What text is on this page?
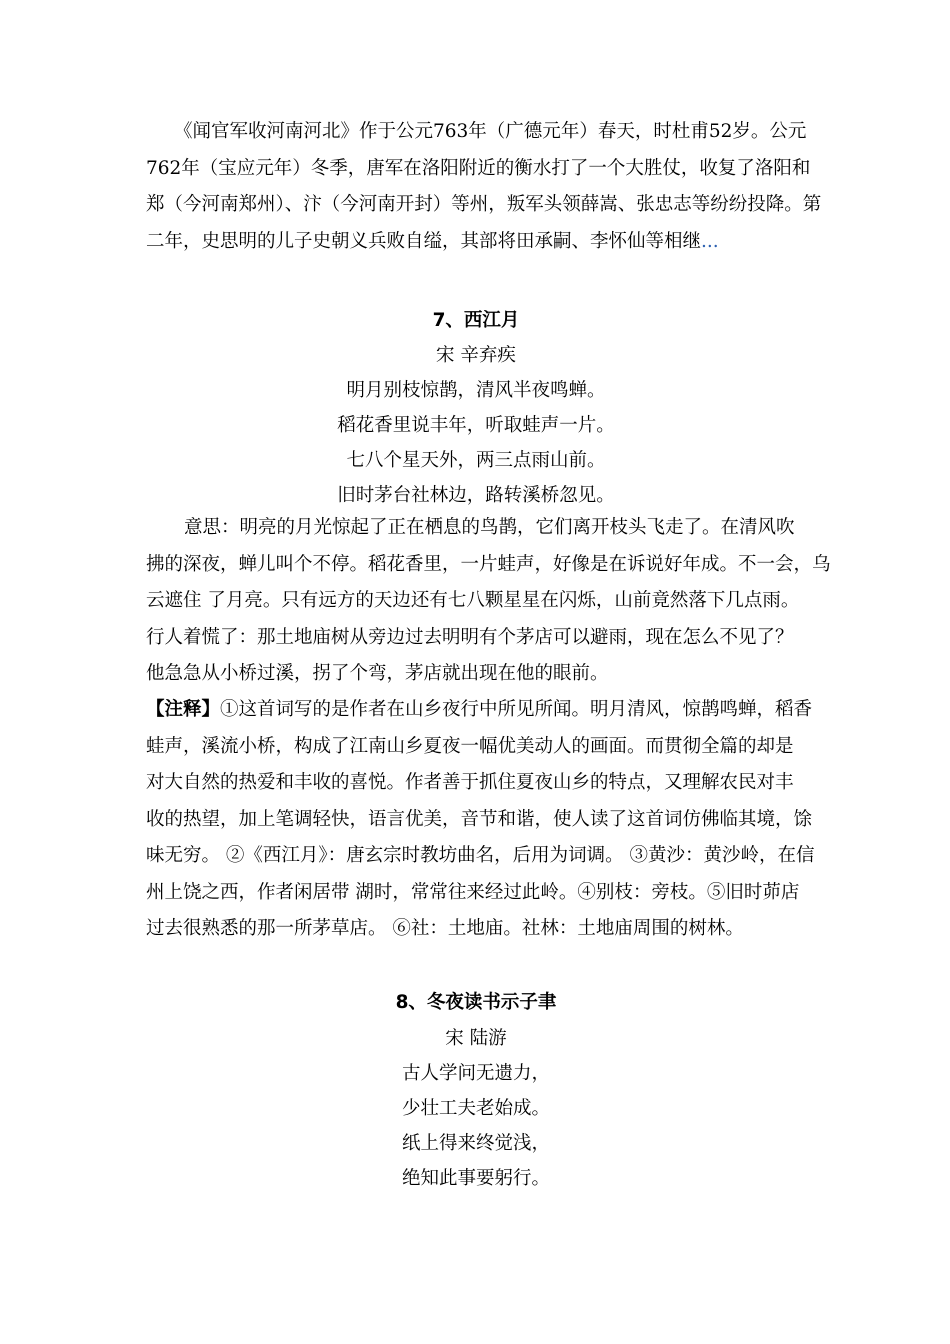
《闻官军收河南河北》作于公元763年（广德元年）春天，时杜甫52岁。公元
762年（宝应元年）冬季，唐军在洛阳附近的衡水打了一个大胜仗，收复了洛阳和
郑（今河南郑州）、汴（今河南开封）等州，叛军头领薛嵩、张忠志等纷纷投降。第
二年，史思明的儿子史朝义兵败自缢，其部将田承嗣、李怀仙等相继...

7、西江月

宋 辛弃疾

明月别枝惊鹊，清风半夜鸣蝉。

稻花香里说丰年，听取蛙声一片。

七八个星天外，两三点雨山前。

旧时茅台社林边，路转溪桥忽见。

意思：明亮的月光惊起了正在栖息的鸟鹊，它们离开枝头飞走了。在清风吹
拂的深夜，蝉儿叫个不停。稻花香里，一片蛙声，好像是在诉说好年成。不一会，乌
云遮住 了月亮。只有远方的天边还有七八颗星星在闪烁，山前竟然落下几点雨。
行人着慌了：那土地庙树从旁边过去明明有个茅店可以避雨，现在怎么不见了？
他急急从小桥过溪，拐了个弯，茅店就出现在他的眼前。

【注释】①这首词写的是作者在山乡夜行中所见所闻。明月清风，惊鹊鸣蝉，稻香
蛙声，溪流小桥，构成了江南山乡夏夜一幅优美动人的画面。而贯彻全篇的却是
对大自然的热爱和丰收的喜悦。作者善于抓住夏夜山乡的特点，又理解农民对丰
收的热望，加上笔调轻快，语言优美，音节和谐，使人读了这首词仿佛临其境，馀
味无穷。 ②《西江月》：唐玄宗时教坊曲名，后用为词调。 ③黄沙：黄沙岭，在信
州上饶之西，作者闲居带 湖时，常常往来经过此岭。④别枝：旁枝。⑤旧时茆店
过去很熟悉的那一所茅草店。 ⑥社：土地庙。社林：土地庙周围的树林。

8、冬夜读书示子聿

宋 陆游

古人学问无遗力，

少壮工夫老始成。

纸上得来终觉浅，

绝知此事要躬行。
